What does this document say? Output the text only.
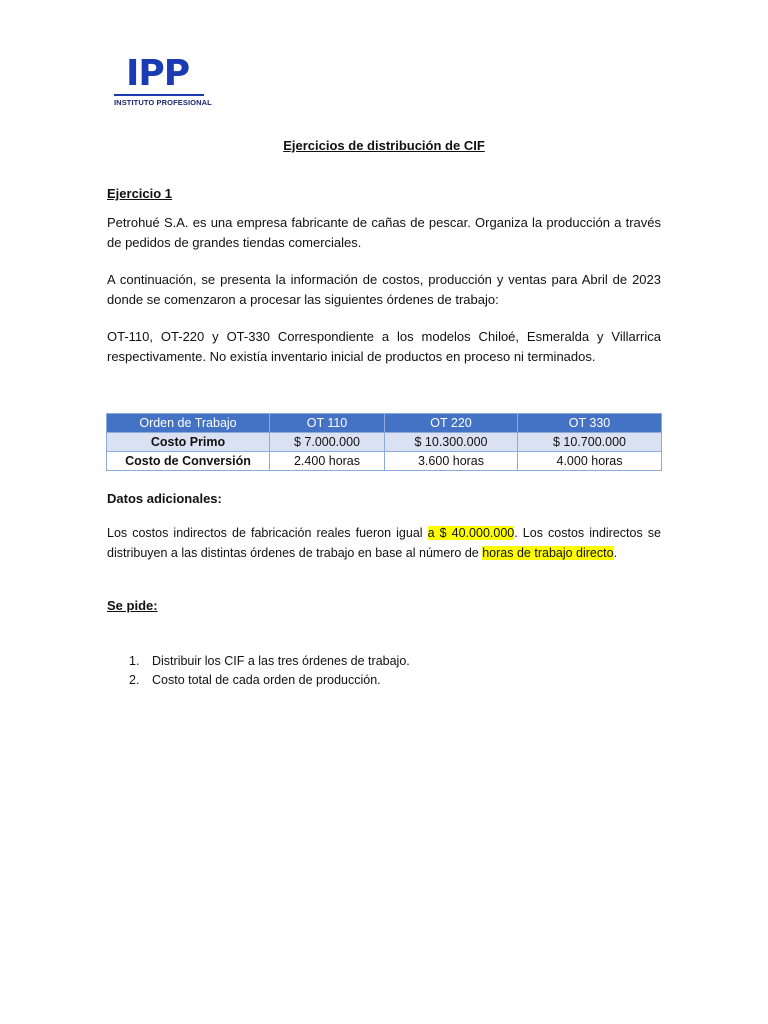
IPP
INSTITUTO PROFESIONAL
Ejercicios de distribución de CIF
Ejercicio 1
Petrohué S.A. es una empresa fabricante de cañas de pescar. Organiza la producción a través de pedidos de grandes tiendas comerciales.
A continuación, se presenta la información de costos, producción y ventas para Abril de 2023 donde se comenzaron a procesar las siguientes órdenes de trabajo:
OT-110, OT-220 y OT-330 Correspondiente a los modelos Chiloé, Esmeralda y Villarrica respectivamente. No existía inventario inicial de productos en proceso ni terminados.
Orden de Trabajo	OT 110	OT 220	OT 330
Costo Primo	$ 7.000.000	$ 10.300.000	$ 10.700.000
Costo de Conversión	2.400 horas	3.600 horas	4.000 horas
Datos adicionales:
Los costos indirectos de fabricación reales fueron igual a $ 40.000.000. Los costos indirectos se distribuyen a las distintas órdenes de trabajo en base al número de horas de trabajo directo.
Se pide:
1. Distribuir los CIF a las tres órdenes de trabajo.
2. Costo total de cada orden de producción.
